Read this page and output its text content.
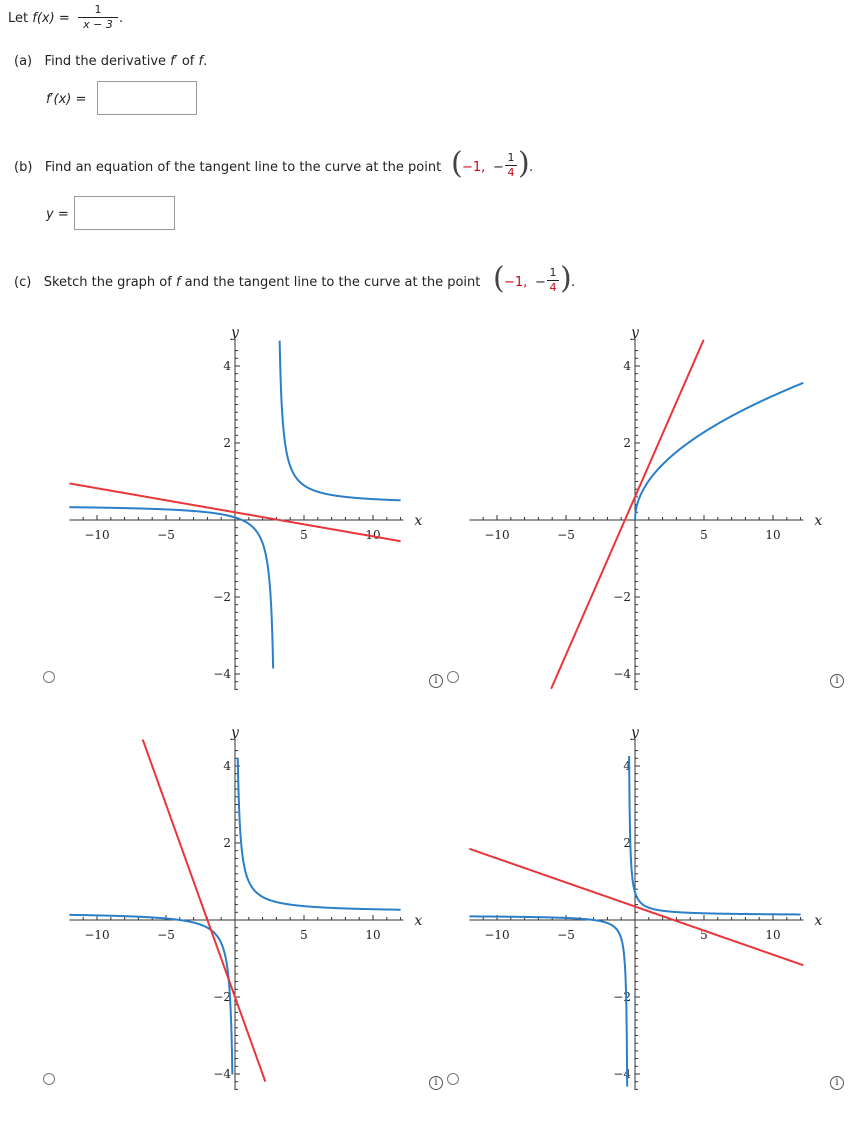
Let f(x) =
1
x − 3 .
(a) Find the derivative f′ of f.
f′(x) =
(b) Find an equation of the tangent line to the curve at the point ( −1, −
1
4 ) .
y =
(c) Sketch the graph of f and the tangent line to the curve at the point ( −1, −
1
4 ) .
−10	−5	5	10
4
2
−2
−4
y
x
−10	−5	5	10
4
2
−2
−4
y
x
−10	−5	5	10
4
2
−2
−4
y
x
−10	−5	5	10
4
2
−2
−4
y
x
i	i
i	i
